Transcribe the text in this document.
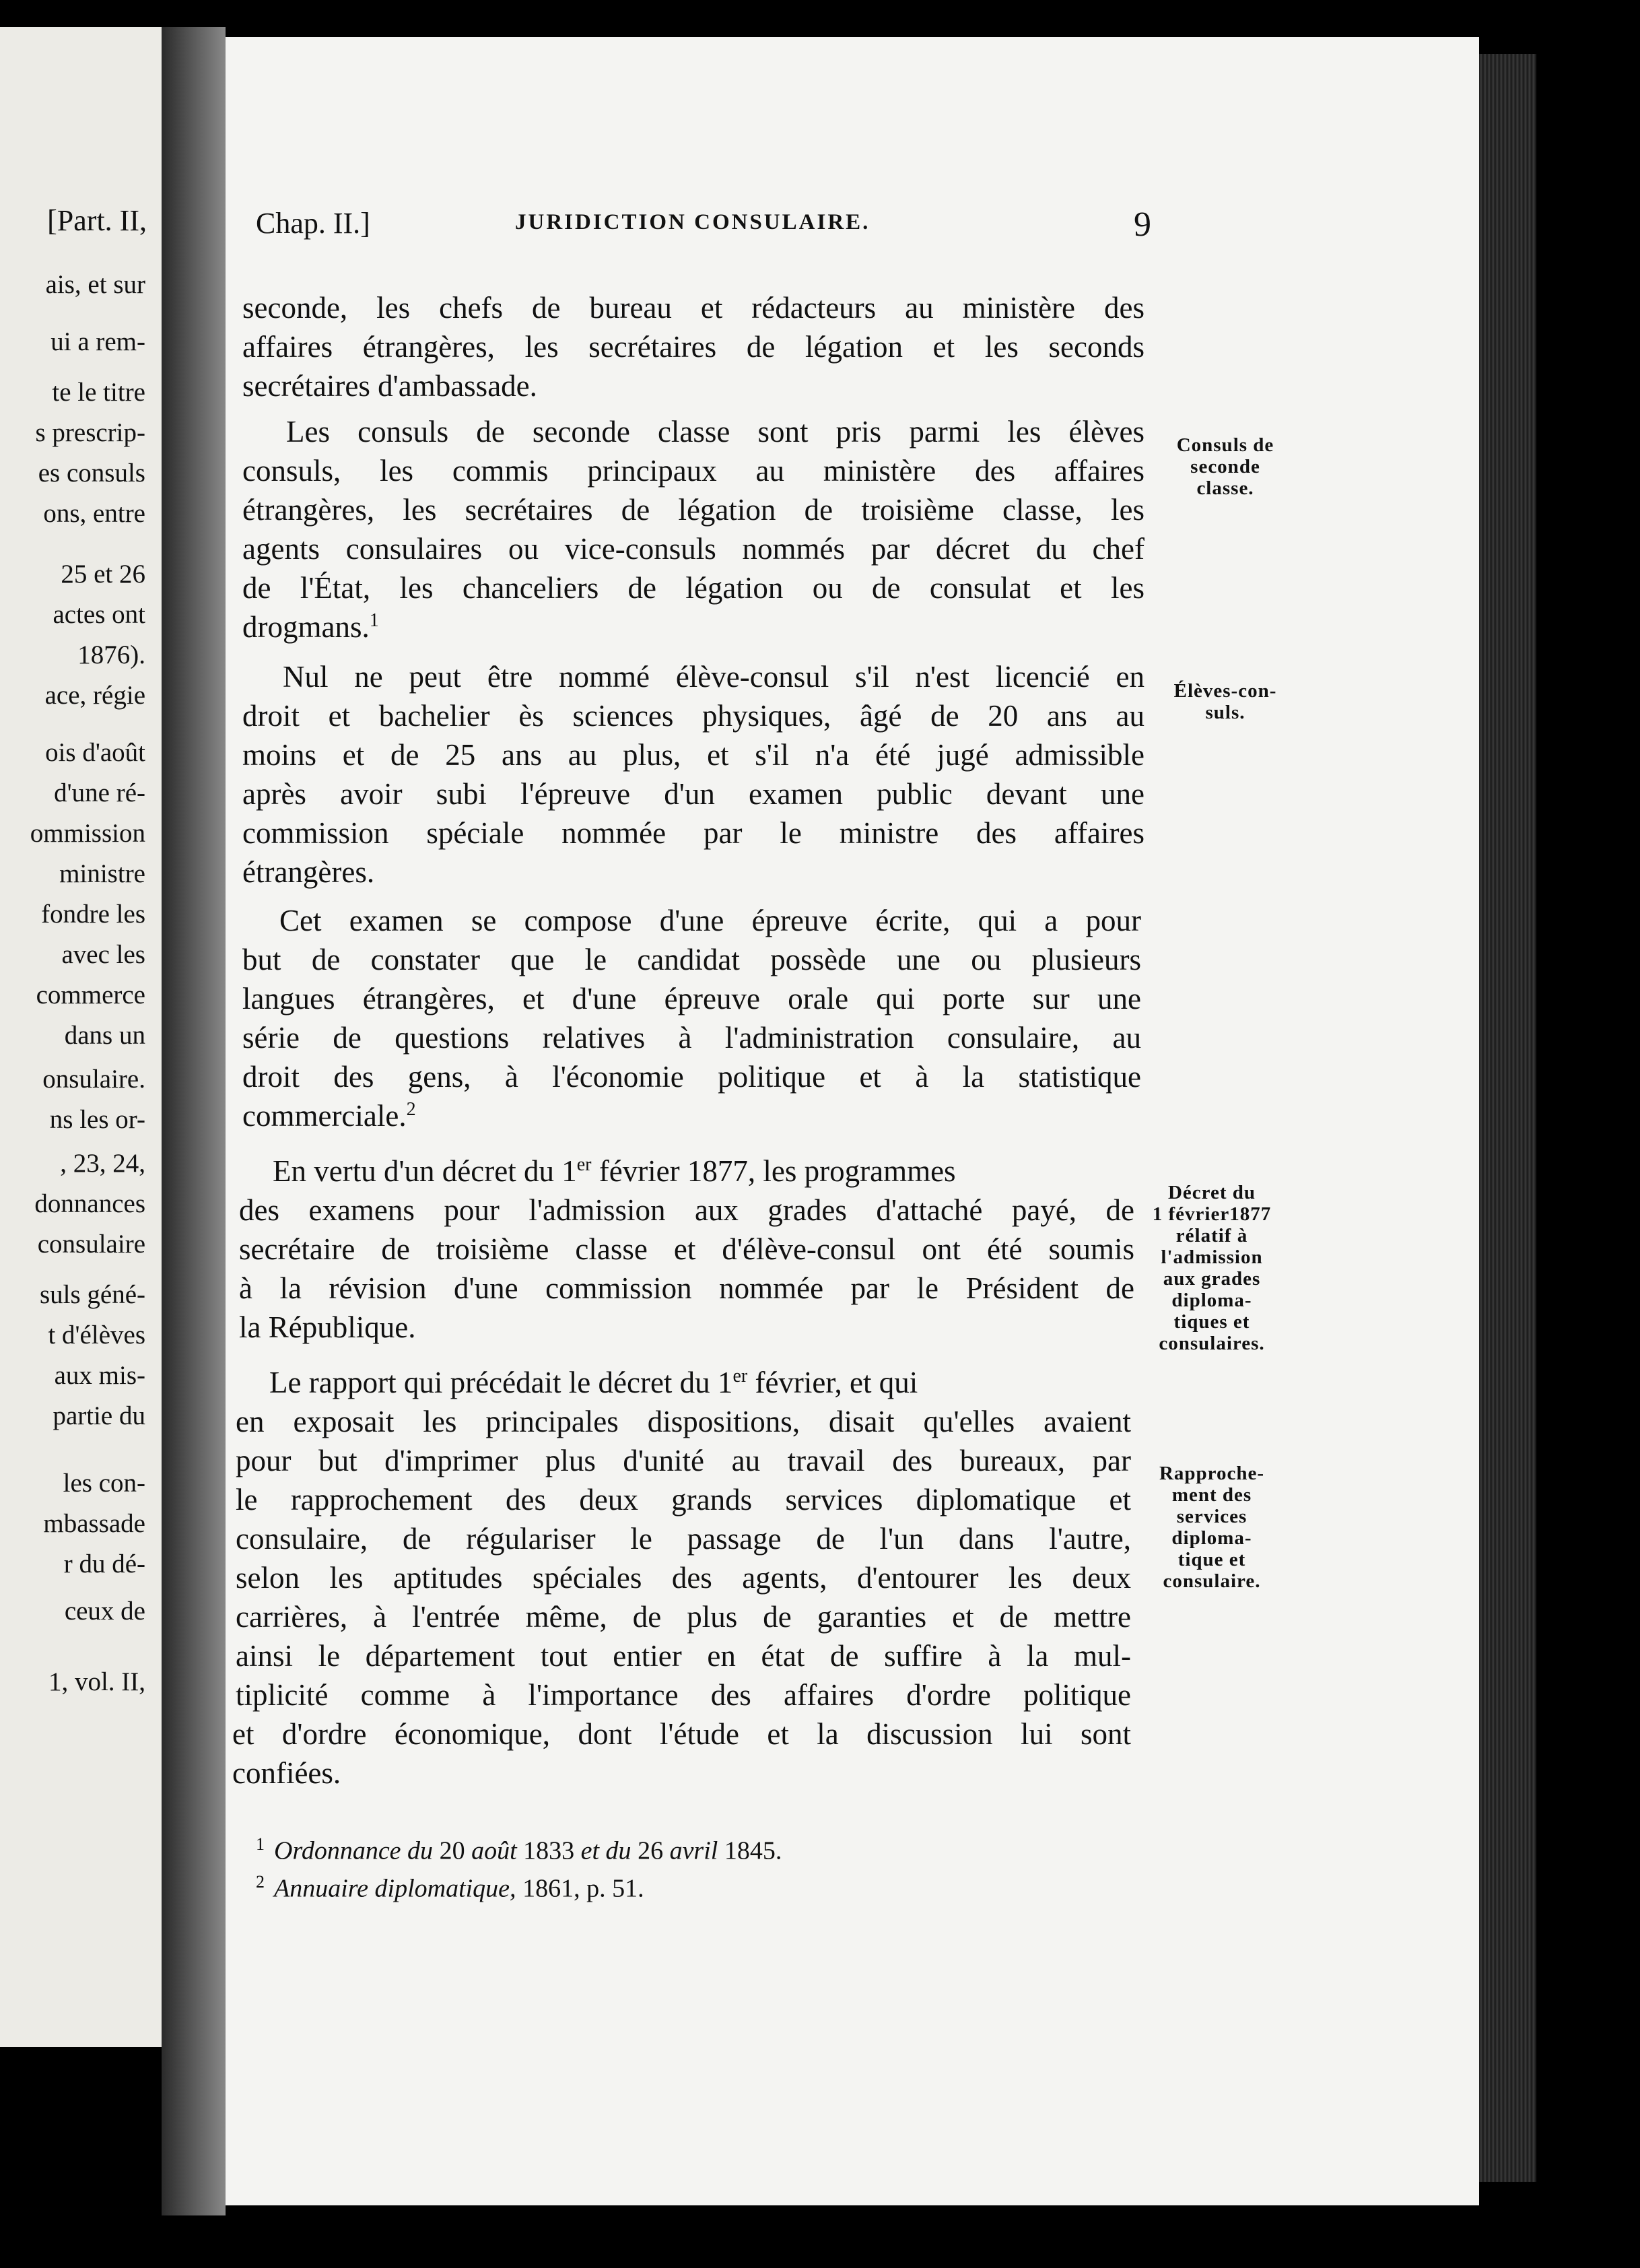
[Part. II,
ais, et sur
ui a rem-
te le titre
s prescrip-
es consuls
ons, entre
25 et 26
actes ont
1876).
ace, régie
ois d'août
d'une ré-
ommission
ministre
fondre les
avec les
commerce
dans un
onsulaire.
ns les or-
, 23, 24,
donnances
consulaire
suls géné-
t d'élèves
aux mis-
partie du
les con-
mbassade
r du dé-
ceux de
1, vol. II,
Chap. II.]	JURIDICTION CONSULAIRE.	9
seconde, les chefs de bureau et rédacteurs au ministère des
affaires étrangères, les secrétaires de légation et les seconds
secrétaires d'ambassade.
Les consuls de seconde classe sont pris parmi les élèves
consuls, les commis principaux au ministère des affaires
étrangères, les secrétaires de légation de troisième classe, les
agents consulaires ou vice-consuls nommés par décret du chef
de l'État, les chanceliers de légation ou de consulat et les
drogmans.$^1$
Nul ne peut être nommé élève-consul s'il n'est licencié en
droit et bachelier ès sciences physiques, âgé de 20 ans au
moins et de 25 ans au plus, et s'il n'a été jugé admissible
après avoir subi l'épreuve d'un examen public devant une
commission spéciale nommée par le ministre des affaires
étrangères.
Cet examen se compose d'une épreuve écrite, qui a pour
but de constater que le candidat possède une ou plusieurs
langues étrangères, et d'une épreuve orale qui porte sur une
série de questions relatives à l'administration consulaire, au
droit des gens, à l'économie politique et à la statistique
commerciale.$^2$
En vertu d'un décret du 1er février 1877, les programmes
des examens pour l'admission aux grades d'attaché payé, de
secrétaire de troisième classe et d'élève-consul ont été soumis
à la révision d'une commission nommée par le Président de
la République.
Le rapport qui précédait le décret du 1er février, et qui
en exposait les principales dispositions, disait qu'elles avaient
pour but d'imprimer plus d'unité au travail des bureaux, par
le rapprochement des deux grands services diplomatique et
consulaire, de régulariser le passage de l'un dans l'autre,
selon les aptitudes spéciales des agents, d'entourer les deux
carrières, à l'entrée même, de plus de garanties et de mettre
ainsi le département tout entier en état de suffire à la mul-
tiplicité comme à l'importance des affaires d'ordre politique
et d'ordre économique, dont l'étude et la discussion lui sont
confiées.
Consuls de
seconde
classe.
Élèves-con-
suls.
Décret du
1 février1877
rélatif à
l'admission
aux grades
diploma-
tiques et
consulaires.
Rapproche-
ment des
services
diploma-
tique et
consulaire.
$^1$ Ordonnance du 20 août 1833 et du 26 avril 1845.
$^2$ Annuaire diplomatique, 1861, p. 51.
